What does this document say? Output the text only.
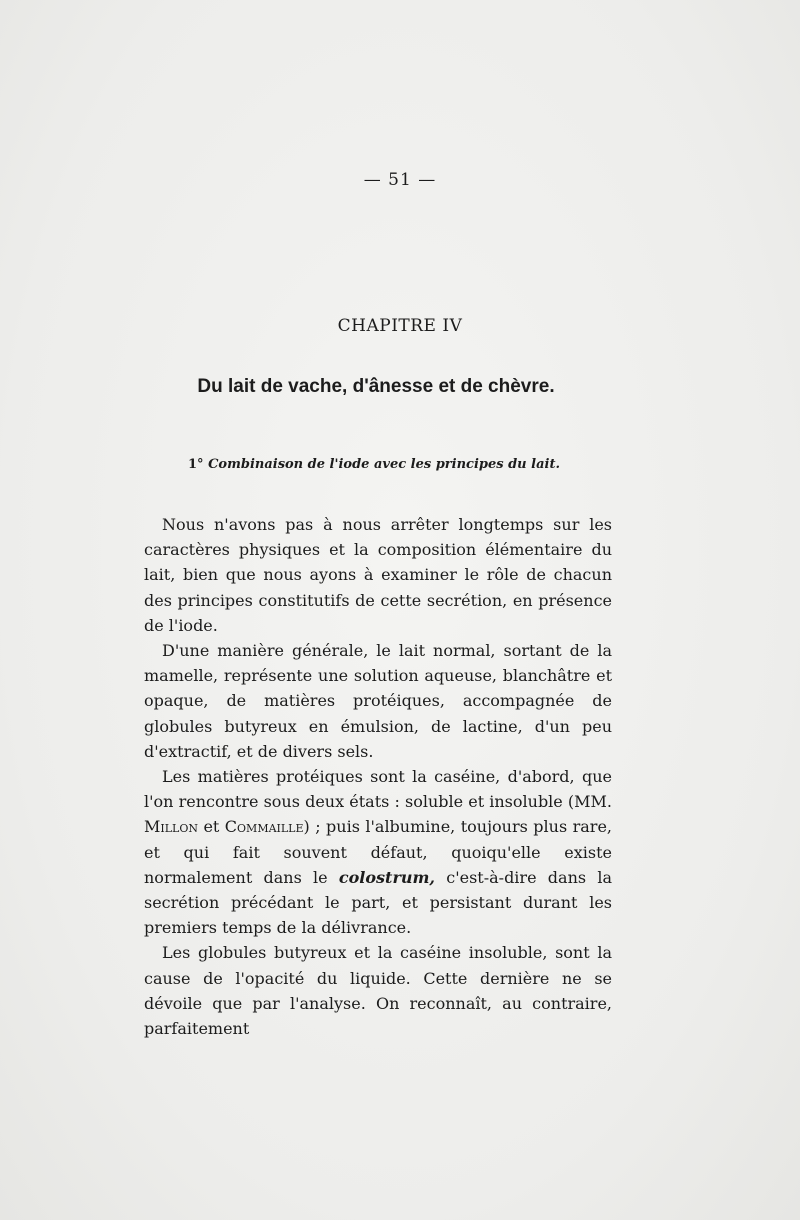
— 51 —
CHAPITRE IV
Du lait de vache, d'ânesse et de chèvre.
1° Combinaison de l'iode avec les principes du lait.

Nous n'avons pas à nous arrêter longtemps sur les caractères physiques et la composition élémentaire du lait, bien que nous ayons à examiner le rôle de chacun des principes constitutifs de cette secrétion, en présence de l'iode.

D'une manière générale, le lait normal, sortant de la mamelle, représente une solution aqueuse, blanchâtre et opaque, de matières protéiques, accompagnée de globules butyreux en émulsion, de lactine, d'un peu d'extractif, et de divers sels.

Les matières protéiques sont la caséine, d'abord, que l'on rencontre sous deux états : soluble et insoluble (MM. Millon et Commaille) ; puis l'albumine, toujours plus rare, et qui fait souvent défaut, quoiqu'elle existe normalement dans le colostrum, c'est-à-dire dans la secrétion précédant le part, et persistant durant les premiers temps de la délivrance.

Les globules butyreux et la caséine insoluble, sont la cause de l'opacité du liquide. Cette dernière ne se dévoile que par l'analyse. On reconnaît, au contraire, parfaitement
